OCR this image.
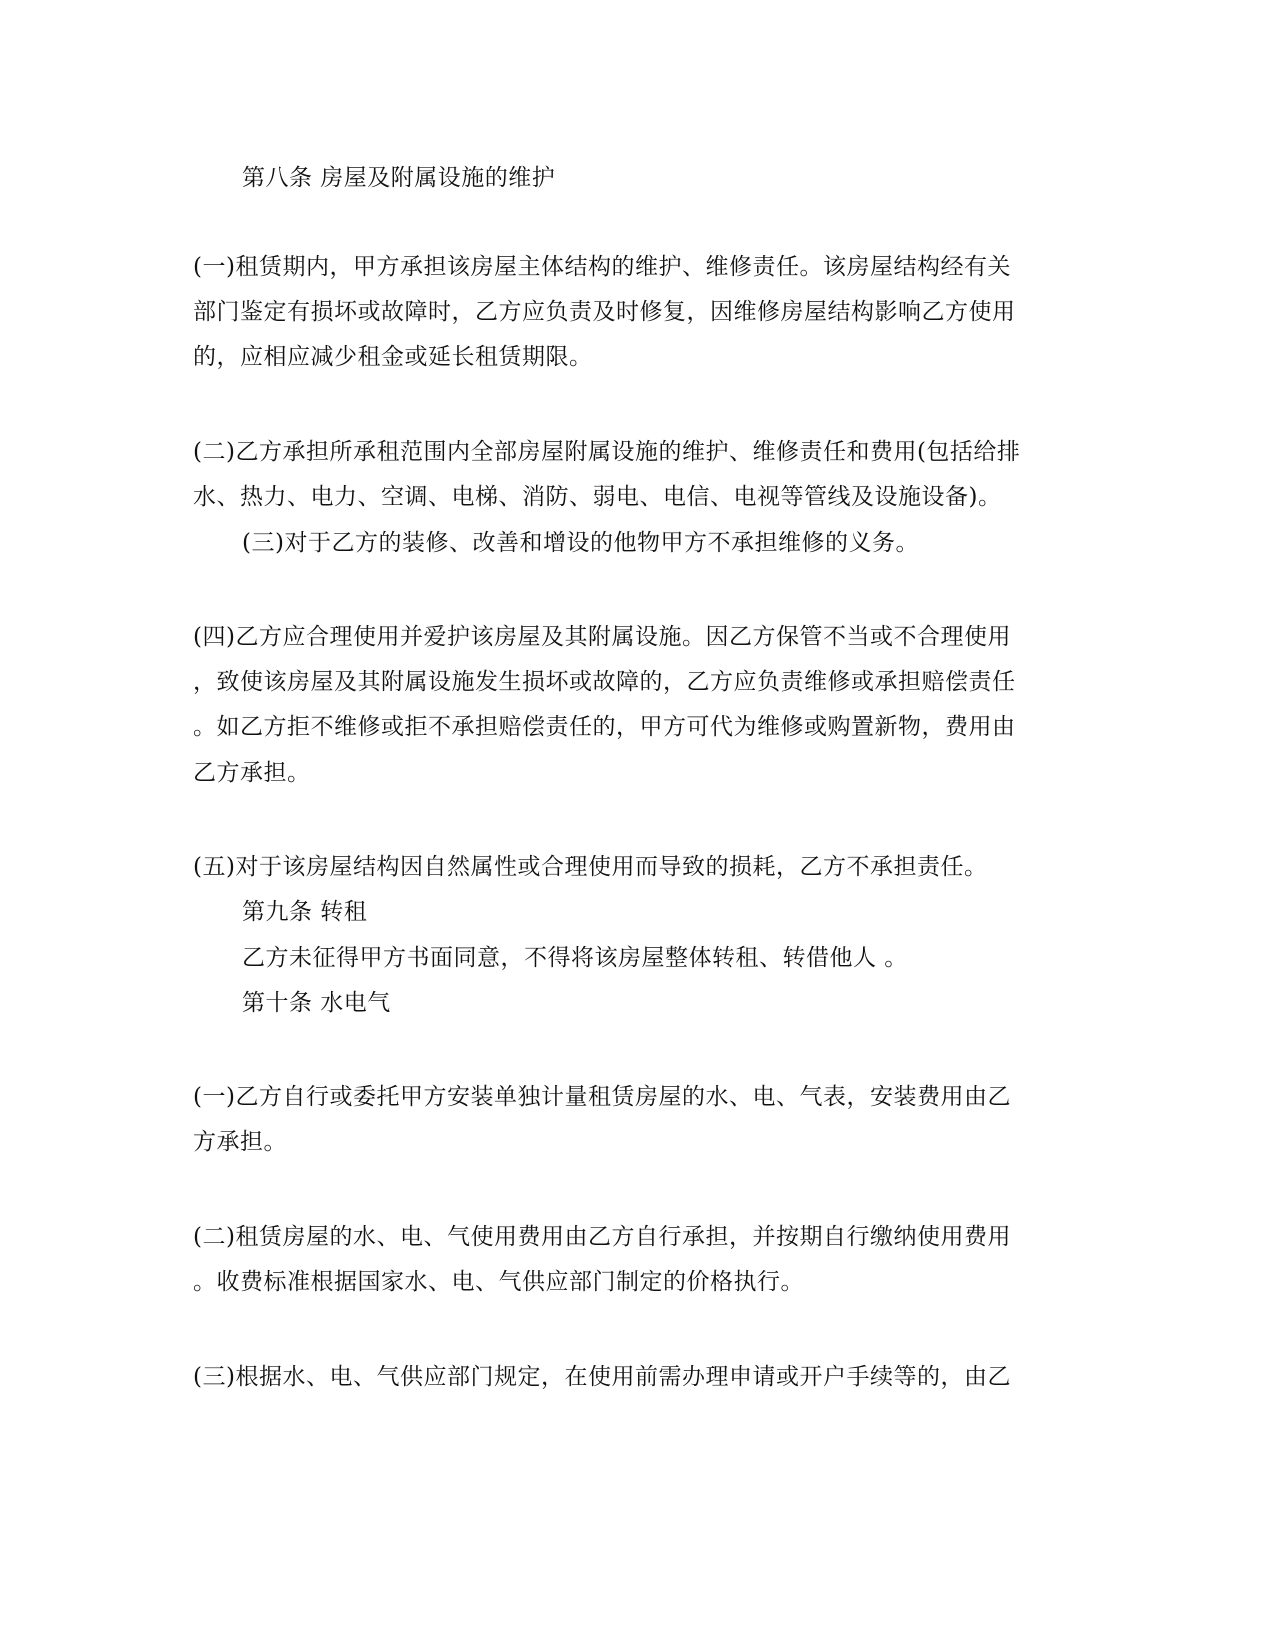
第八条 房屋及附属设施的维护
(一)租赁期内，甲方承担该房屋主体结构的维护、维修责任。该房屋结构经有关
部门鉴定有损坏或故障时，乙方应负责及时修复，因维修房屋结构影响乙方使用
的，应相应减少租金或延长租赁期限。
(二)乙方承担所承租范围内全部房屋附属设施的维护、维修责任和费用(包括给排
水、热力、电力、空调、电梯、消防、弱电、电信、电视等管线及设施设备)。
(三)对于乙方的装修、改善和增设的他物甲方不承担维修的义务。
(四)乙方应合理使用并爱护该房屋及其附属设施。因乙方保管不当或不合理使用
，致使该房屋及其附属设施发生损坏或故障的，乙方应负责维修或承担赔偿责任
。如乙方拒不维修或拒不承担赔偿责任的，甲方可代为维修或购置新物，费用由
乙方承担。
(五)对于该房屋结构因自然属性或合理使用而导致的损耗，乙方不承担责任。
第九条 转租
乙方未征得甲方书面同意，不得将该房屋整体转租、转借他人 。
第十条 水电气
(一)乙方自行或委托甲方安装单独计量租赁房屋的水、电、气表，安装费用由乙
方承担。
(二)租赁房屋的水、电、气使用费用由乙方自行承担，并按期自行缴纳使用费用
。收费标准根据国家水、电、气供应部门制定的价格执行。
(三)根据水、电、气供应部门规定，在使用前需办理申请或开户手续等的，由乙
